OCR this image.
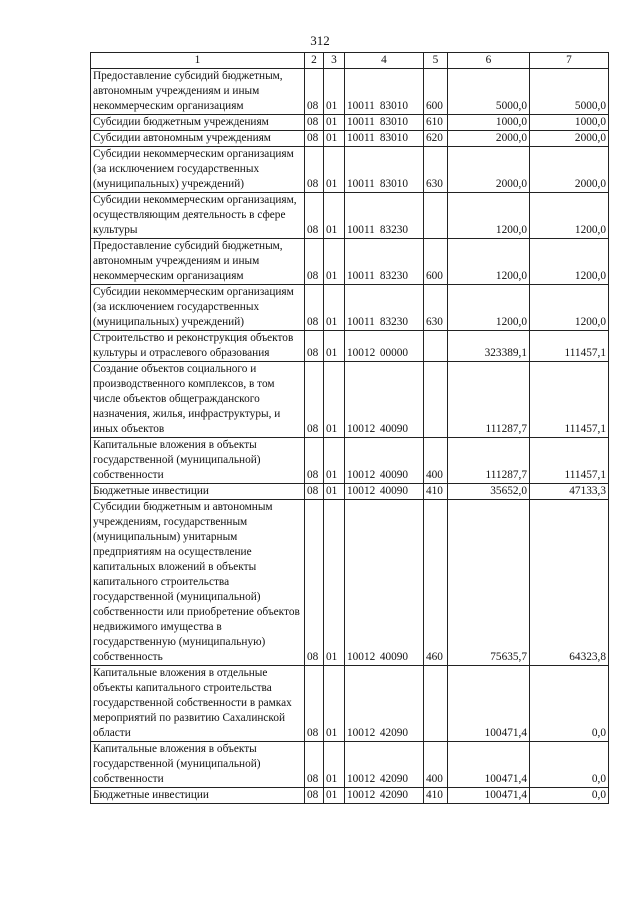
312
1	2	3	4	5	6	7
Предоставление субсидий бюджетным, автономным учреждениям и иным некоммерческим организациям	08	01	10011 83010	600	5000,0	5000,0
Субсидии бюджетным учреждениям	08	01	10011 83010	610	1000,0	1000,0
Субсидии автономным учреждениям	08	01	10011 83010	620	2000,0	2000,0
Субсидии некоммерческим организациям (за исключением государственных (муниципальных) учреждений)	08	01	10011 83010	630	2000,0	2000,0
Субсидии некоммерческим организациям, осуществляющим деятельность в сфере культуры	08	01	10011 83230		1200,0	1200,0
Предоставление субсидий бюджетным, автономным учреждениям и иным некоммерческим организациям	08	01	10011 83230	600	1200,0	1200,0
Субсидии некоммерческим организациям (за исключением государственных (муниципальных) учреждений)	08	01	10011 83230	630	1200,0	1200,0
Строительство и реконструкция объектов культуры и отраслевого образования	08	01	10012 00000		323389,1	111457,1
Создание объектов социального и производственного комплексов, в том числе объектов общегражданского назначения, жилья, инфраструктуры, и иных объектов	08	01	10012 40090		111287,7	111457,1
Капитальные вложения в объекты государственной (муниципальной) собственности	08	01	10012 40090	400	111287,7	111457,1
Бюджетные инвестиции	08	01	10012 40090	410	35652,0	47133,3
Субсидии бюджетным и автономным учреждениям, государственным (муниципальным) унитарным предприятиям на осуществление капитальных вложений в объекты капитального строительства государственной (муниципальной) собственности или приобретение объектов недвижимого имущества в государственную (муниципальную) собственность	08	01	10012 40090	460	75635,7	64323,8
Капитальные вложения в отдельные объекты капитального строительства государственной собственности в рамках мероприятий по развитию Сахалинской области	08	01	10012 42090		100471,4	0,0
Капитальные вложения в объекты государственной (муниципальной) собственности	08	01	10012 42090	400	100471,4	0,0
Бюджетные инвестиции	08	01	10012 42090	410	100471,4	0,0
